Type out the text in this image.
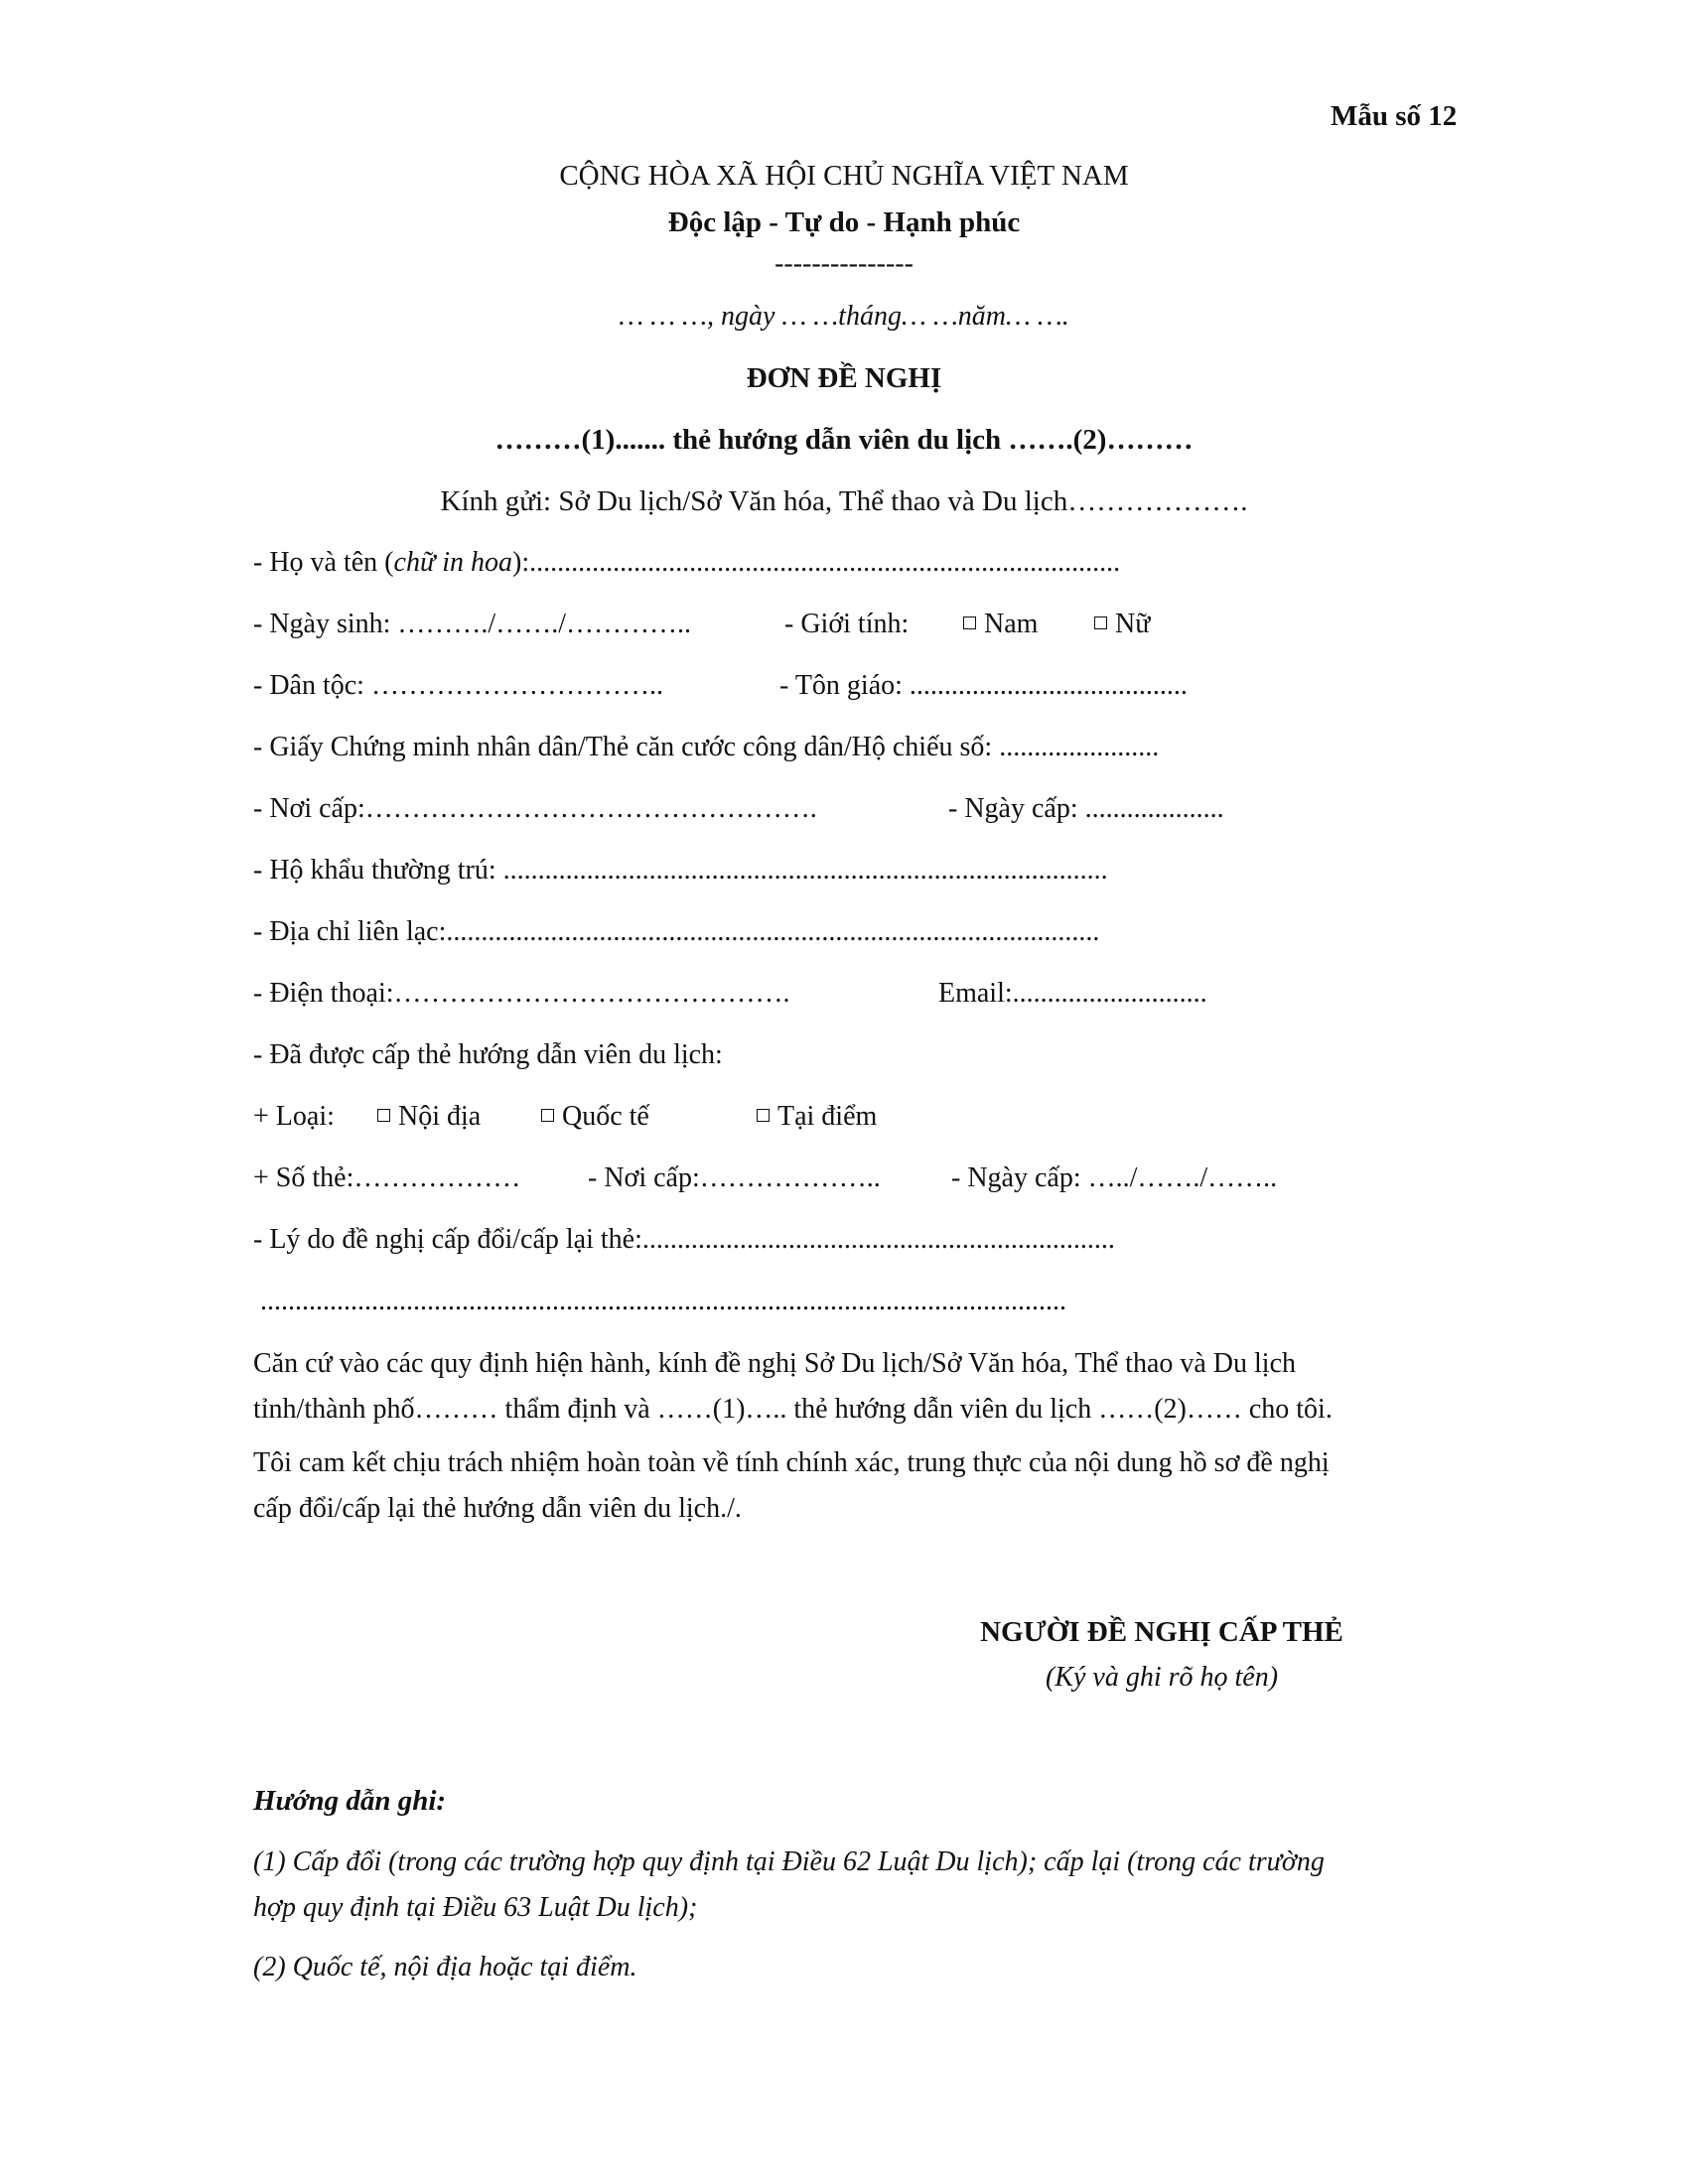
Mẫu số 12
CỘNG HÒA XÃ HỘI CHỦ NGHĨA VIỆT NAM
Độc lập - Tự do - Hạnh phúc
---------------
… … …, ngày … …tháng… …năm… ….
ĐƠN ĐỀ NGHỊ
………(1)....... thẻ hướng dẫn viên du lịch …….(2)………
Kính gửi: Sở Du lịch/Sở Văn hóa, Thể thao và Du lịch……………….
- Họ và tên (chữ in hoa):.....................................................................................
- Ngày sinh: ………./……./…………..	- Giới tính:	Nam	Nữ
- Dân tộc: …………………………..	- Tôn giáo: ........................................
- Giấy Chứng minh nhân dân/Thẻ căn cước công dân/Hộ chiếu số: .......................
- Nơi cấp:………………………………………….	- Ngày cấp: ....................
- Hộ khẩu thường trú: .......................................................................................
- Địa chỉ liên lạc:..............................................................................................
- Điện thoại:…………………………………….	Email:............................
- Đã được cấp thẻ hướng dẫn viên du lịch:
+ Loại:	Nội địa	Quốc tế	Tại điểm
+ Số thẻ:……………… - Nơi cấp:………………..	- Ngày cấp: …../……./……..
- Lý do đề nghị cấp đổi/cấp lại thẻ:....................................................................
....................................................................................................................
Căn cứ vào các quy định hiện hành, kính đề nghị Sở Du lịch/Sở Văn hóa, Thể thao và Du lịch
tỉnh/thành phố……… thẩm định và ……(1)….. thẻ hướng dẫn viên du lịch ……(2)…… cho tôi.
Tôi cam kết chịu trách nhiệm hoàn toàn về tính chính xác, trung thực của nội dung hồ sơ đề nghị
cấp đổi/cấp lại thẻ hướng dẫn viên du lịch./.
NGƯỜI ĐỀ NGHỊ CẤP THẺ
(Ký và ghi rõ họ tên)
Hướng dẫn ghi:
(1) Cấp đổi (trong các trường hợp quy định tại Điều 62 Luật Du lịch); cấp lại (trong các trường
hợp quy định tại Điều 63 Luật Du lịch);
(2) Quốc tế, nội địa hoặc tại điểm.
